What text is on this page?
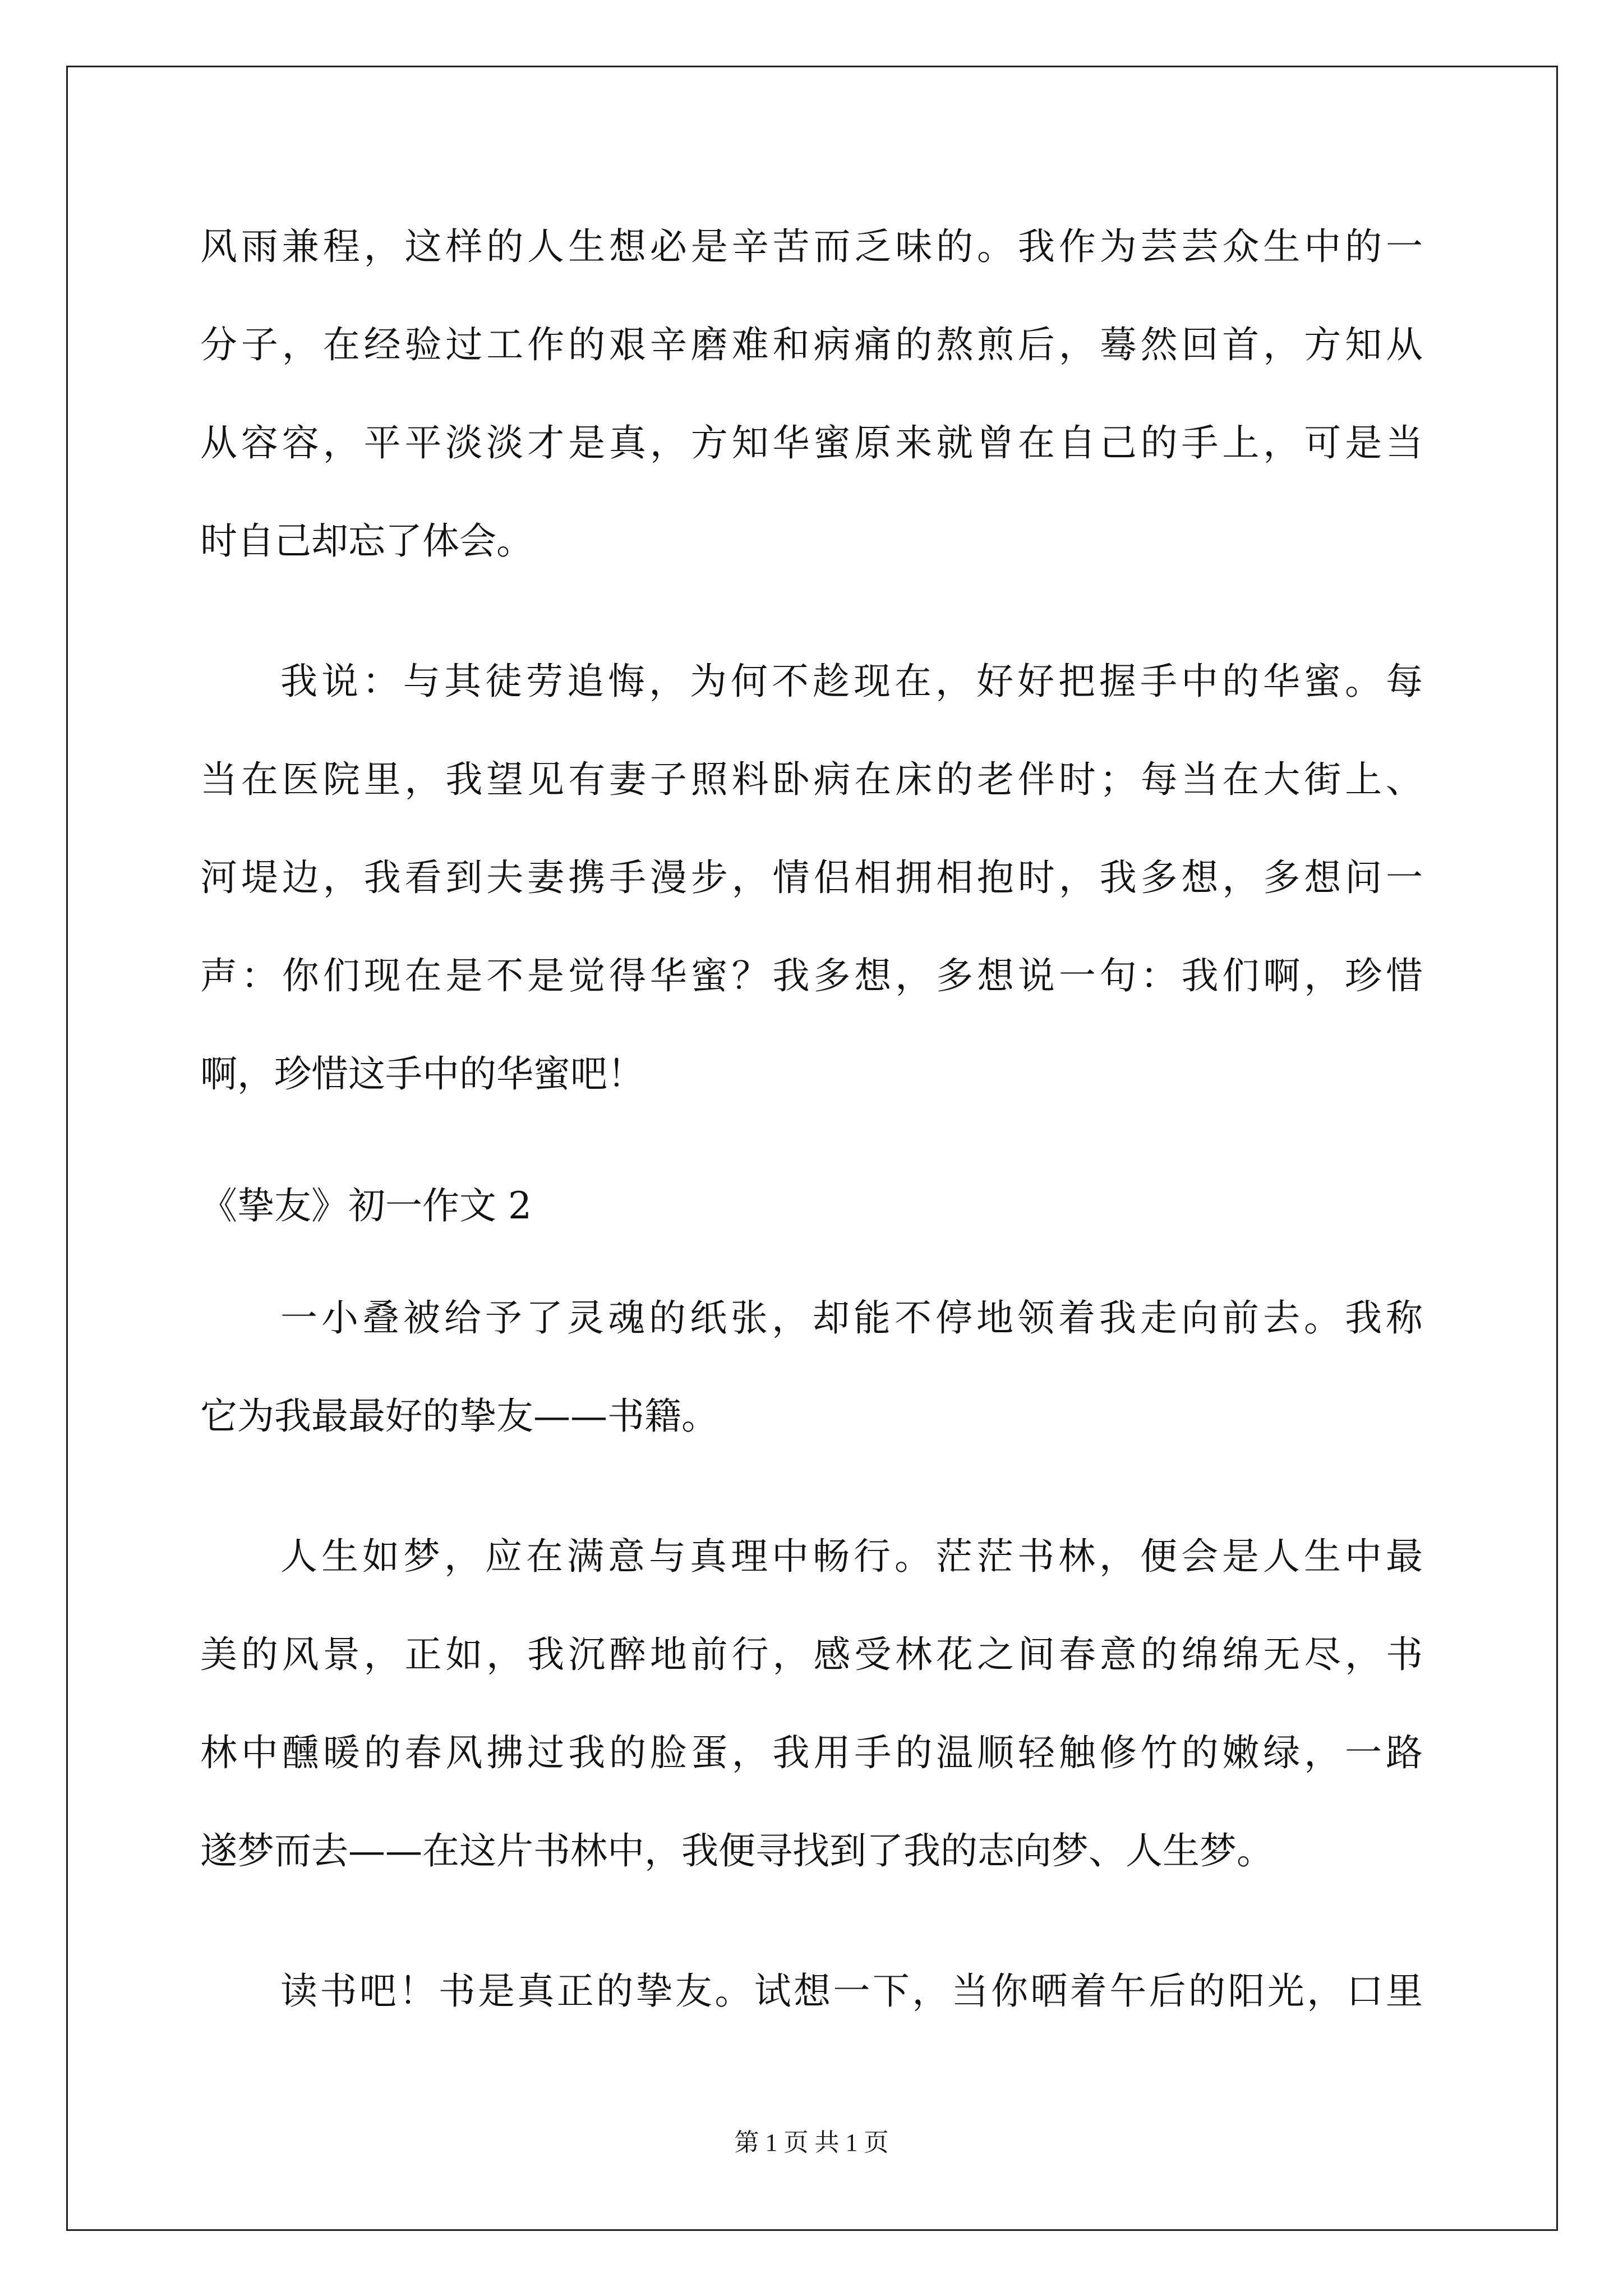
风雨兼程，这样的人生想必是辛苦而乏味的。我作为芸芸众生中的一

分子，在经验过工作的艰辛磨难和病痛的熬煎后，蓦然回首，方知从

从容容，平平淡淡才是真，方知华蜜原来就曾在自己的手上，可是当

时自己却忘了体会。

我说：与其徒劳追悔，为何不趁现在，好好把握手中的华蜜。每

当在医院里，我望见有妻子照料卧病在床的老伴时；每当在大街上、

河堤边，我看到夫妻携手漫步，情侣相拥相抱时，我多想，多想问一

声：你们现在是不是觉得华蜜？我多想，多想说一句：我们啊，珍惜

啊，珍惜这手中的华蜜吧！

《挚友》初一作文 2

一小叠被给予了灵魂的纸张，却能不停地领着我走向前去。我称

它为我最最好的挚友——书籍。

人生如梦，应在满意与真理中畅行。茫茫书林，便会是人生中最

美的风景，正如，我沉醉地前行，感受林花之间春意的绵绵无尽，书

林中醺暖的春风拂过我的脸蛋，我用手的温顺轻触修竹的嫩绿，一路

遂梦而去——在这片书林中，我便寻找到了我的志向梦、人生梦。

读书吧！书是真正的挚友。试想一下，当你晒着午后的阳光，口里

第 1 页 共 1 页
